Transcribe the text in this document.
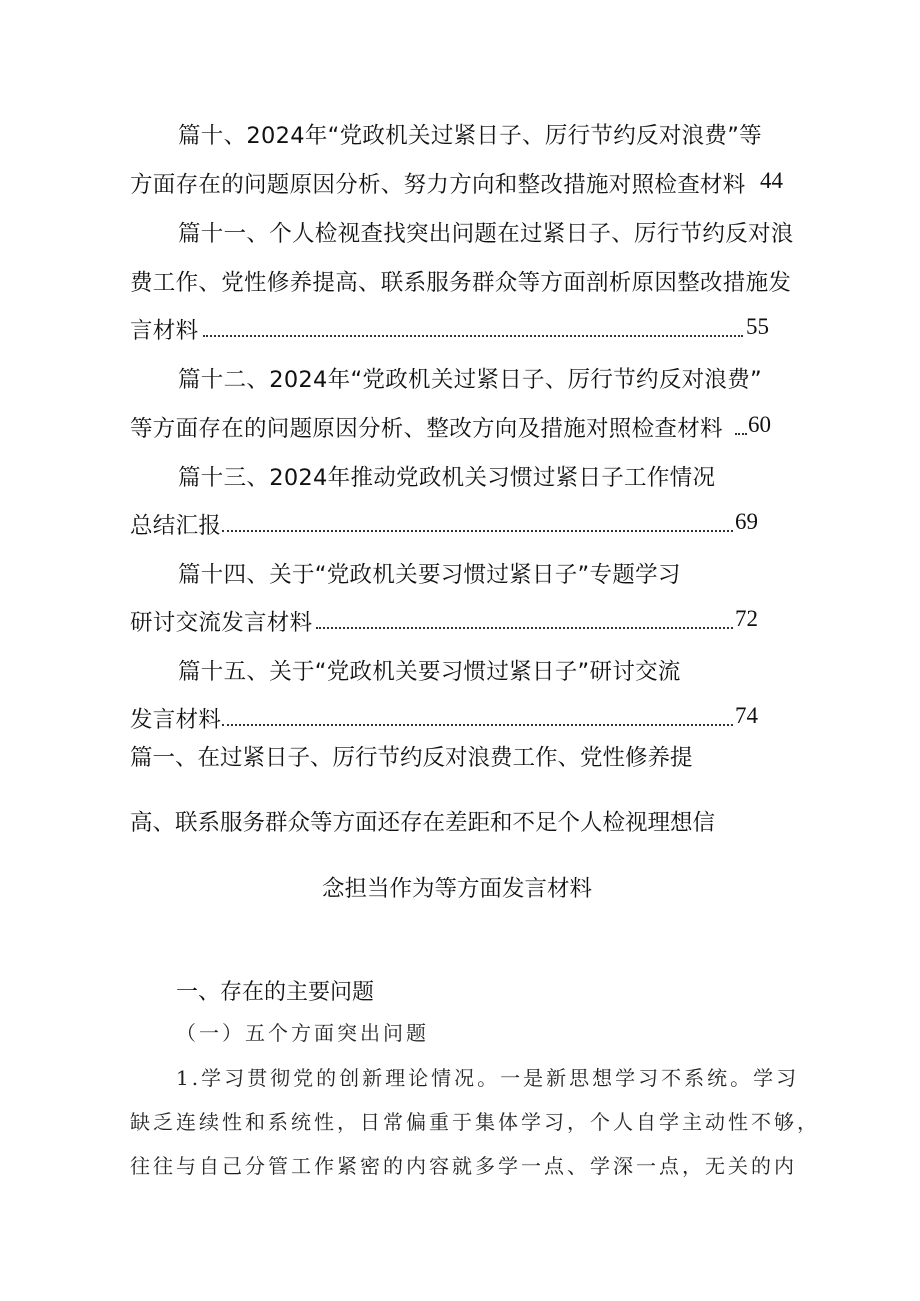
篇十、2024年“党政机关过紧日子、厉行节约反对浪费”等
方面存在的问题原因分析、努力方向和整改措施对照检查材料 44
篇十一、个人检视查找突出问题在过紧日子、厉行节约反对浪
费工作、党性修养提高、联系服务群众等方面剖析原因整改措施发
言材料	55
篇十二、2024年“党政机关过紧日子、厉行节约反对浪费”
等方面存在的问题原因分析、整改方向及措施对照检查材料 60
篇十三、2024年推动党政机关习惯过紧日子工作情况
总结汇报	69
篇十四、关于“党政机关要习惯过紧日子”专题学习
研讨交流发言材料	72
篇十五、关于“党政机关要习惯过紧日子”研讨交流
发言材料	74
篇一、在过紧日子、厉行节约反对浪费工作、党性修养提
高、联系服务群众等方面还存在差距和不足个人检视理想信
念担当作为等方面发言材料
一、存在的主要问题
（一）五个方面突出问题
1.学习贯彻党的创新理论情况。一是新思想学习不系统。学习
缺乏连续性和系统性，日常偏重于集体学习，个人自学主动性不够，
往往与自己分管工作紧密的内容就多学一点、学深一点，无关的内
